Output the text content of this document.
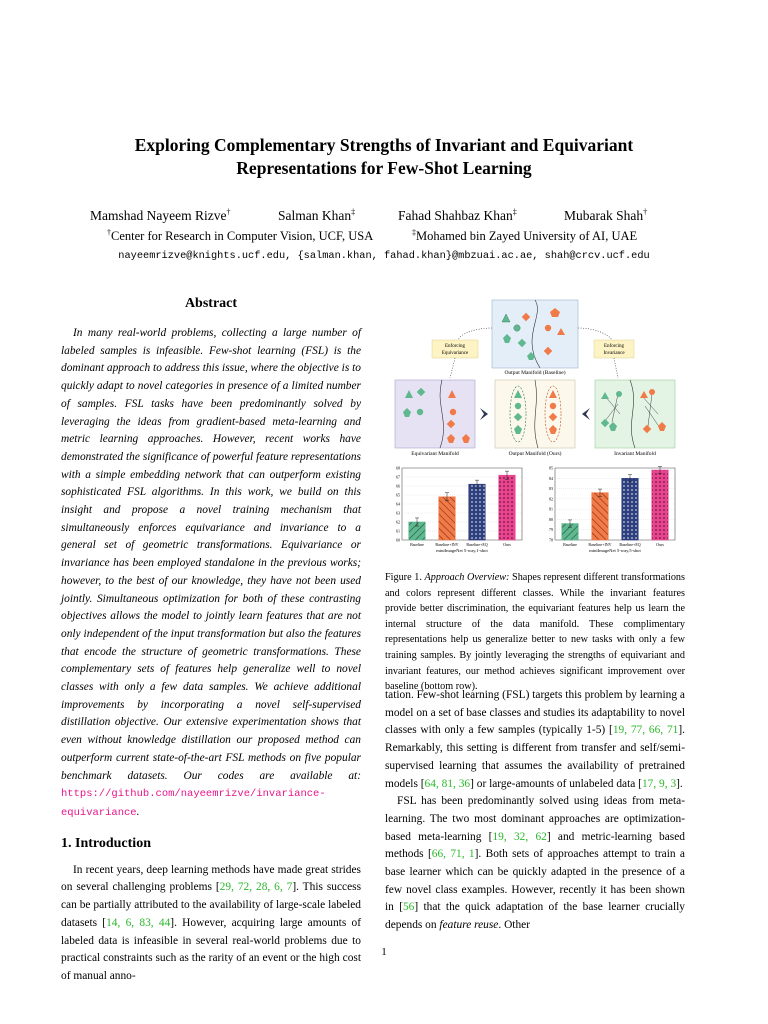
Exploring Complementary Strengths of Invariant and Equivariant
Representations for Few-Shot Learning
Mamshad Nayeem Rizve†	Salman Khan‡	Fahad Shahbaz Khan‡	Mubarak Shah†
†Center for Research in Computer Vision, UCF, USA	‡Mohamed bin Zayed University of AI, UAE
nayeemrizve@knights.ucf.edu, {salman.khan, fahad.khan}@mbzuai.ac.ae, shah@crcv.ucf.edu
Abstract

In many real-world problems, collecting a large number of labeled samples is infeasible. Few-shot learning (FSL) is the dominant approach to address this issue, where the objective is to quickly adapt to novel categories in presence of a limited number of samples. FSL tasks have been predominantly solved by leveraging the ideas from gradient-based meta-learning and metric learning approaches. However, recent works have demonstrated the significance of powerful feature representations with a simple embedding network that can outperform existing sophisticated FSL algorithms. In this work, we build on this insight and propose a novel training mechanism that simultaneously enforces equivariance and invariance to a general set of geometric transformations. Equivariance or invariance has been employed standalone in the previous works; however, to the best of our knowledge, they have not been used jointly. Simultaneous optimization for both of these contrasting objectives allows the model to jointly learn features that are not only independent of the input transformation but also the features that encode the structure of geometric transformations. These complementary sets of features help generalize well to novel classes with only a few data samples. We achieve additional improvements by incorporating a novel self-supervised distillation objective. Our extensive experimentation shows that even without knowledge distillation our proposed method can outperform current state-of-the-art FSL methods on five popular benchmark datasets. Our codes are available at: https://github.com/nayeemrizve/invariance-equivariance.

1. Introduction

In recent years, deep learning methods have made great strides on several challenging problems [29, 72, 28, 6, 7]. This success can be partially attributed to the availability of large-scale labeled datasets [14, 6, 83, 44]. However, acquiring large amounts of labeled data is infeasible in several real-world problems due to practical constraints such as the rarity of an event or the high cost of manual anno-

Output Manifold (Baseline)
Enforcing
Equivariance
Enforcing
Invariance
Equivariant Manifold	Output Manifold (Ours)	Invariant Manifold
60
61
62
63
64
65
66
67
68
Baseline	Baseline+INV Baseline+EQ	Ours
miniImageNet 5-way,1-shot
78
79
80
81
82
83
84
85
Baseline	Baseline+INV Baseline+EQ	Ours
miniImageNet 5-way,5-shot
Figure 1. Approach Overview: Shapes represent different transformations and colors represent different classes. While the invariant features provide better discrimination, the equivariant features help us learn the internal structure of the data manifold. These complimentary representations help us generalize better to new tasks with only a few training samples. By jointly leveraging the strengths of equivariant and invariant features, our method achieves significant improvement over baseline (bottom row).

tation. Few-shot learning (FSL) targets this problem by learning a model on a set of base classes and studies its adaptability to novel classes with only a few samples (typically 1-5) [19, 77, 66, 71]. Remarkably, this setting is different from transfer and self/semi-supervised learning that assumes the availability of pretrained models [64, 81, 36] or large-amounts of unlabeled data [17, 9, 3].

FSL has been predominantly solved using ideas from meta-learning. The two most dominant approaches are optimization-based meta-learning [19, 32, 62] and metric-learning based methods [66, 71, 1]. Both sets of approaches attempt to train a base learner which can be quickly adapted in the presence of a few novel class examples. However, recently it has been shown in [56] that the quick adaptation of the base learner crucially depends on feature reuse. Other

1
